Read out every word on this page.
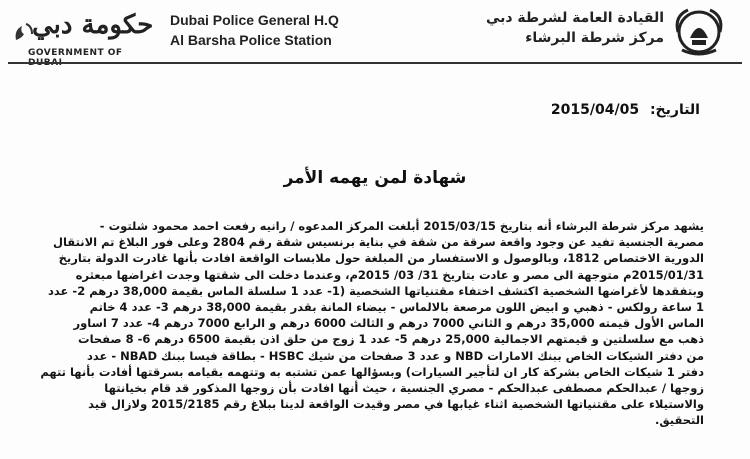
حكومة دبي
GOVERNMENT OF
Dubai Police General H.Q
Al Barsha Police Station
القيادة العامة لشرطة دبي
مركز شرطة البرشاء
التاريخ: 2015/04/05
شهادة لمن يهمه الأمر
يشهد مركز شرطة البرشاء أنه بتاريخ 2015/03/15 أبلغت المركز المدعوه / رانيه رفعت احمد محمود شلتوت -
مصرية الجنسية تفيد عن وجود واقعة سرقة من شقة في بناية برنسيس شقة رقم 2804 وعلى فور البلاغ تم الانتقال
الدورية الاختصاص 1812، وبالوصول و الاستفسار من المبلغة حول ملابسات الواقعة افادت بأنها غادرت الدولة بتاريخ
2015/01/31م متوجهة الى مصر و عادت بتاريخ 31/ 03/ 2015م، وعندما دخلت الى شقتها وجدت اغراضها مبعثره
وبتفقدها لأغراضها الشخصية اكتشف اختفاء مقتنياتها الشخصية (1- عدد 1 سلسلة الماس بقيمة 38,000 درهم 2- عدد
1 ساعة رولكس - ذهبي و ابيض اللون مرصعة بالالماس - بيضاء المانة بقدر بقيمة 38,000 درهم 3- عدد 4 خاتم
الماس الأول قيمته 35,000 درهم و الثاني 7000 درهم و الثالث 6000 درهم و الرابع 7000 درهم 4- عدد 7 اساور
ذهب مع سلسلتين و قيمتهم الاجمالية 25,000 درهم 5- عدد 1 زوج من حلق اذن بقيمة 6500 درهم 6- 8 صفحات
من دفتر الشيكات الخاص ببنك الامارات NBD و عدد 3 صفحات من شيك HSBC - بطاقة فيسا ببنك NBAD - عدد
دفتر 1 شيكات الخاص بشركة كار ان لتأجير السيارات) وبسؤالها عمن تشتبه به وتتهمه بقيامه بسرقتها أفادت بأنها تتهم
زوجها / عبدالحكم مصطفى عبدالحكم - مصري الجنسية ، حيث أنها افادت بأن زوجها المذكور قد قام بخيانتها
والاستيلاء على مقتنياتها الشخصية اثناء غيابها في مصر وقيدت الواقعة لدينا ببلاغ رقم 2015/2185 ولازال قيد
التحقيق.
